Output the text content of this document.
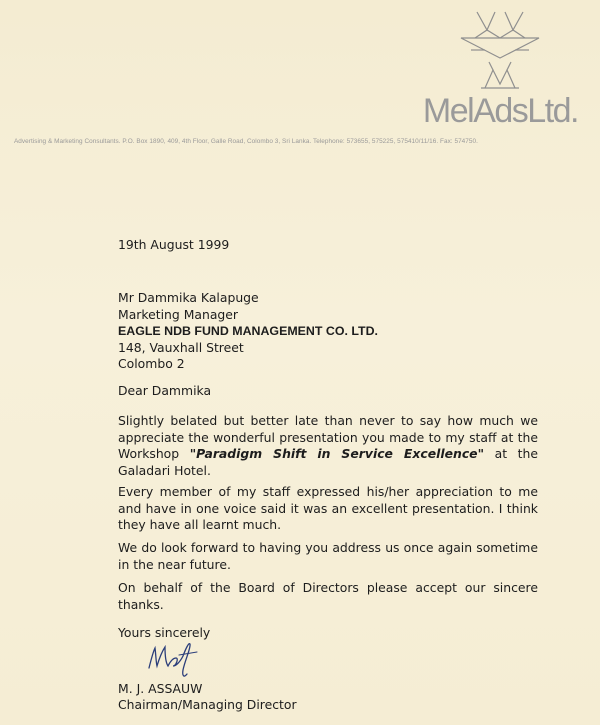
MelAdsLtd.
Advertising & Marketing Consultants. P.O. Box 1890, 409, 4th Floor, Galle Road, Colombo 3, Sri Lanka. Telephone: 573655, 575225, 575410/11/16. Fax: 574750.

19th August 1999

Mr Dammika Kalapuge

Marketing Manager

EAGLE NDB FUND MANAGEMENT CO. LTD.

148, Vauxhall Street

Colombo 2

Dear Dammika

Slightly belated but better late than never to say how much we appreciate the wonderful presentation you made to my staff at the Workshop "Paradigm Shift in Service Excellence" at the Galadari Hotel.

Every member of my staff expressed his/her appreciation to me and have in one voice said it was an excellent presentation. I think they have all learnt much.

We do look forward to having you address us once again sometime in the near future.

On behalf of the Board of Directors please accept our sincere thanks.

Yours sincerely

M. J. ASSAUW

Chairman/Managing Director
